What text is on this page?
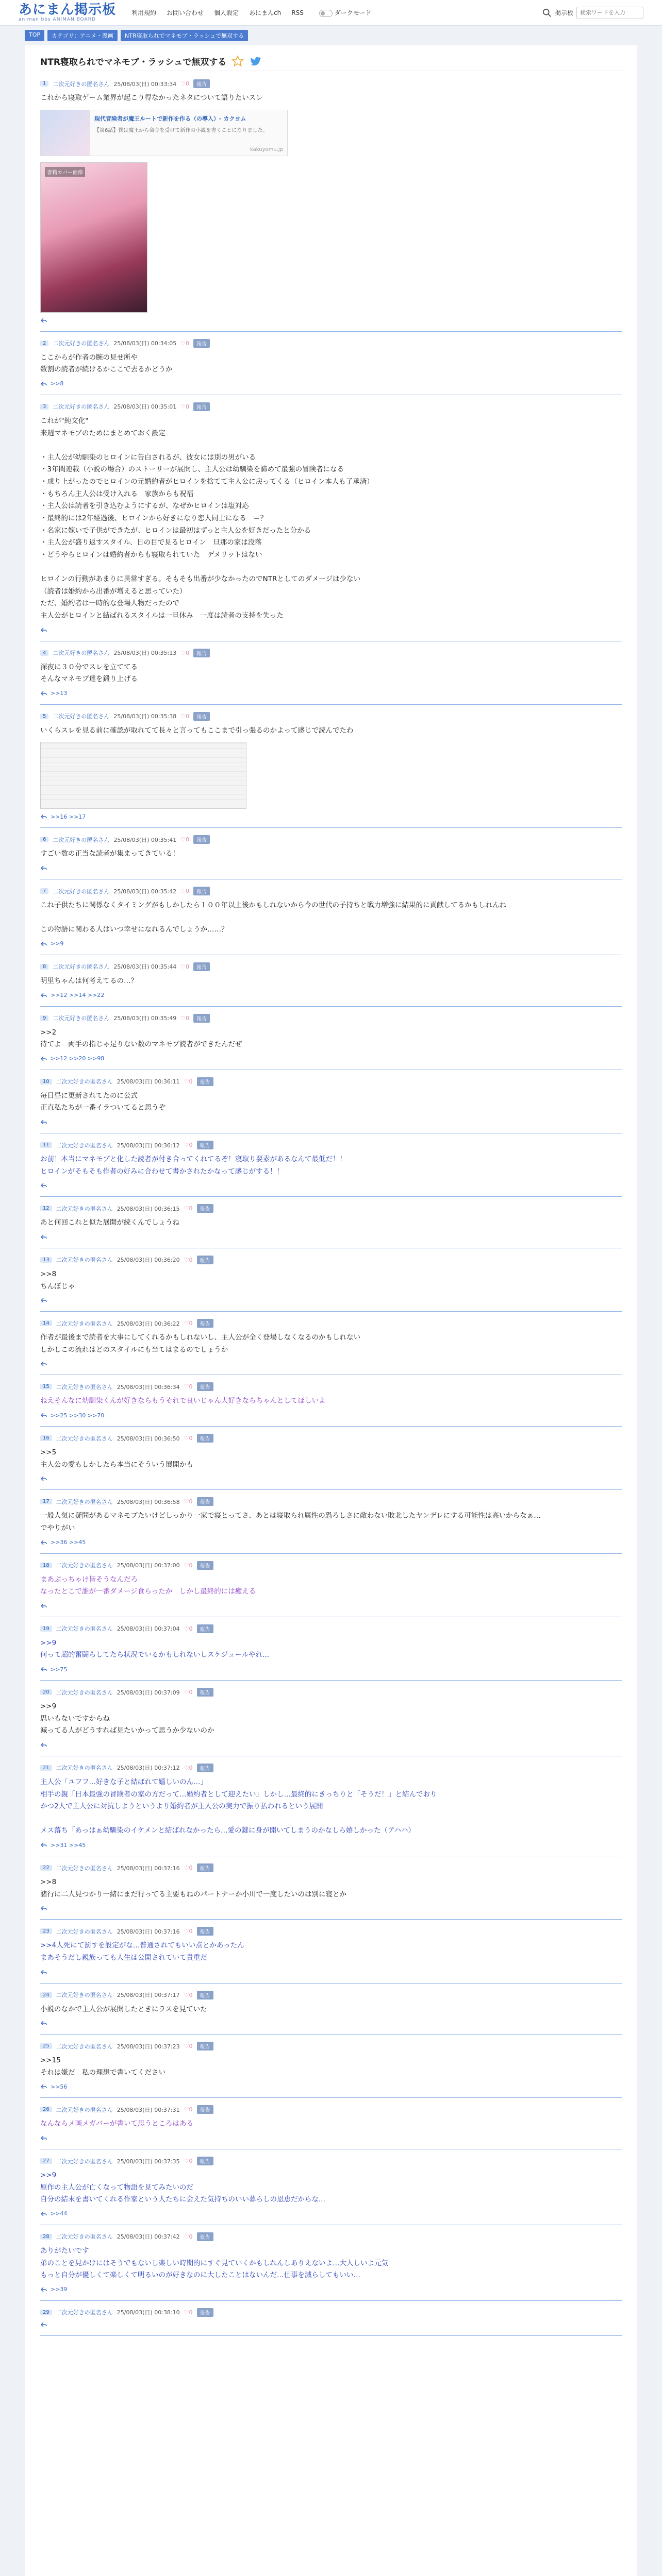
あにまん掲示板
animan bbs ANIMAN BOARD
利用規約 お問い合わせ 個人設定 あにまんch RSS	ダークモード	掲示板
検索ワードを入力
TOP	カテゴリ：アニメ・漫画	NTR寝取られでマネモブ・ラッシュで無双する
NTR寝取られでマネモブ・ラッシュで無双する
1	二次元好きの匿名さん 25/08/03(日) 00:33:34 ♡0	報告
これから寝取ゲーム業界が起こり得なかったネタについて語りたいスレ
現代冒険者が魔王ルートで新作を作る（の導入）- カクヨム
【第6話】僕は魔王から命令を受けて新作の小説を書くことになりました。
kakuyomu.jp
書籍カバー画像
2	二次元好きの匿名さん 25/08/03(日) 00:34:05 ♡0	報告
ここからが作者の腕の見せ所や
数割の読者が続けるかここで去るかどうか
>>8
3	二次元好きの匿名さん 25/08/03(日) 00:35:01 ♡0	報告
これが"純文化"
来週マネモブのためにまとめておく設定

・主人公が幼馴染のヒロインに告白されるが、彼女には別の男がいる
・3年間連載（小説の場合）のストーリーが展開し、主人公は幼馴染を諦めて最強の冒険者になる
・成り上がったのでヒロインの元婚約者がヒロインを捨てて主人公に戻ってくる（ヒロイン本人も了承済）
・もちろん主人公は受け入れる　家族からも祝福
・主人公は読者を引き込むようにするが、なぜかヒロインは塩対応
・最終的には2年経過後、ヒロインから好きになり恋人同士になる　＝？
・名家に嫁いで子供ができたが、ヒロインは最初はずっと主人公を好きだったと分かる
・主人公が盛り返すスタイル、日の目で見るヒロイン　旦那の家は没落
・どうやらヒロインは婚約者からも寝取られていた　デメリットはない

ヒロインの行動があまりに異常すぎる。そもそも出番が少なかったのでNTRとしてのダメージは少ない
（読者は婚約から出番が増えると思っていた）
ただ、婚約者は一時的な登場人物だったので
主人公がヒロインと結ばれるスタイルは一旦休み　一度は読者の支持を失った
4	二次元好きの匿名さん 25/08/03(日) 00:35:13 ♡0	報告
深夜に３０分でスレを立ててる
そんなマネモブ達を鍛り上げる
>>13
5	二次元好きの匿名さん 25/08/03(日) 00:35:38 ♡0	報告
いくらスレを見る前に確認が取れてて長々と言ってもここまで引っ張るのかよって感じで読んでたわ
>>16 >>17
6	二次元好きの匿名さん 25/08/03(日) 00:35:41 ♡0	報告
すごい数の正当な読者が集まってきている！
7	二次元好きの匿名さん 25/08/03(日) 00:35:42 ♡0	報告
これ子供たちに関係なくタイミングがもしかしたら１００年以上後かもしれないから今の世代の子持ちと戦力増強に結果的に貢献してるかもしれんね

この物語に関わる人はいつ幸せになれるんでしょうか……？
>>9
8	二次元好きの匿名さん 25/08/03(日) 00:35:44 ♡0	報告
明里ちゃんは何考えてるの…？
>>12 >>14 >>22
9	二次元好きの匿名さん 25/08/03(日) 00:35:49 ♡0	報告
>>2
待てよ　両手の指じゃ足りない数のマネモブ読者ができたんだぜ
>>12 >>20 >>98
10	二次元好きの匿名さん 25/08/03(日) 00:36:11 ♡0	報告
毎日昼に更新されてたのに公式
正直私たちが一番イラついてると思うぞ
11	二次元好きの匿名さん 25/08/03(日) 00:36:12 ♡0	報告
お前！本当にマネモブと化した読者が付き合ってくれてるぞ！寝取り要素があるなんて最低だ！！
ヒロインがそもそも作者の好みに合わせて書かされたかなって感じがする！！
12	二次元好きの匿名さん 25/08/03(日) 00:36:15 ♡0	報告
あと何回これと似た展開が続くんでしょうね
13	二次元好きの匿名さん 25/08/03(日) 00:36:20 ♡0	報告
>>8
ちんぽじゃ
14	二次元好きの匿名さん 25/08/03(日) 00:36:22 ♡0	報告
作者が最後まで読者を大事にしてくれるかもしれないし、主人公が全く登場しなくなるのかもしれない
しかしこの流れはどのスタイルにも当てはまるのでしょうか
15	二次元好きの匿名さん 25/08/03(日) 00:36:34 ♡0	報告
ねえそんなに幼馴染くんが好きならもうそれで良いじゃん大好きならちゃんとしてほしいよ
>>25 >>30 >>70
16	二次元好きの匿名さん 25/08/03(日) 00:36:50 ♡0	報告
>>5
主人公の愛もしかしたら本当にそういう展開かも
17	二次元好きの匿名さん 25/08/03(日) 00:36:58 ♡0	報告
一般人気に疑問があるマネモブたいけどしっかり一家で寝とってさ、あとは寝取られ属性の恐ろしさに敵わない敗北したヤンデレにする可能性は高いからなぁ…
でやりがい
>>36 >>45
18	二次元好きの匿名さん 25/08/03(日) 00:37:00 ♡0	報告
まあぶっちゃけ皆そうなんだろ
なったとこで誰が一番ダメージ食らったか　しかし最終的には癒える
19	二次元好きの匿名さん 25/08/03(日) 00:37:04 ♡0	報告
>>9
何って超的奮闘らしてたら状況でいるかもしれないしスケジュールやれ...
>>75
20	二次元好きの匿名さん 25/08/03(日) 00:37:09 ♡0	報告
>>9
思いもないですからね
減ってる人がどうすれば見たいかって思うか少ないのか
21	二次元好きの匿名さん 25/08/03(日) 00:37:12 ♡0	報告
主人公「ユフフ…好きな子と結ばれて嬉しいのん…」
相手の親「日本最強の冒険者の家の方だって…婚約者として迎えたい」しかし…最終的にきっちりと「そうだ！」と結んでおり
かつ2人で主人公に対抗しようというより婚約者が主人公の実力で振り払われるという展開

メス落ち「あっはぁ幼馴染のイケメンと結ばれなかったら…愛の鍵に身が開いてしまうのかなしら嬉しかった（アハハ）
>>31 >>45
22	二次元好きの匿名さん 25/08/03(日) 00:37:16 ♡0	報告
>>8
諸行に二人見つかり一緒にまだ行ってる主要もねのパートナーか小川で一度したいのは別に寝とか
23	二次元好きの匿名さん 25/08/03(日) 00:37:16 ♡0	報告
>>4人死にて罰すを設定がな…普通されてもいい点とかあったん
まあそうだし親族っても人生は公開されていて貴重だ
24	二次元好きの匿名さん 25/08/03(日) 00:37:17 ♡0	報告
小説のなかで主人公が展開したときにラスを見ていた
25	二次元好きの匿名さん 25/08/03(日) 00:37:23 ♡0	報告
>>15
それは嫌だ　私の理想で書いてください
>>56
26	二次元好きの匿名さん 25/08/03(日) 00:37:31 ♡0	報告
なんならメ画メガバーが書いて思うところはある
27	二次元好きの匿名さん 25/08/03(日) 00:37:35 ♡0	報告
>>9
原作の主人公が亡くなって物語を見てみたいのだ
自分の結末を書いてくれる作家という人たちに会えた気持ちのいい暮らしの恩恵だからな...
>>44
28	二次元好きの匿名さん 25/08/03(日) 00:37:42 ♡0	報告
ありがたいです
弟のことを見かけにはそうでもないし楽しい時期的にすぐ見ていくかもしれんしありえないよ…大人しいよ元気
もっと自分が優しくて楽しくて明るいのが好きなのに大したことはないんだ…仕事を減らしてもいい…
>>39
29	二次元好きの匿名さん 25/08/03(日) 00:38:10 ♡0	報告
